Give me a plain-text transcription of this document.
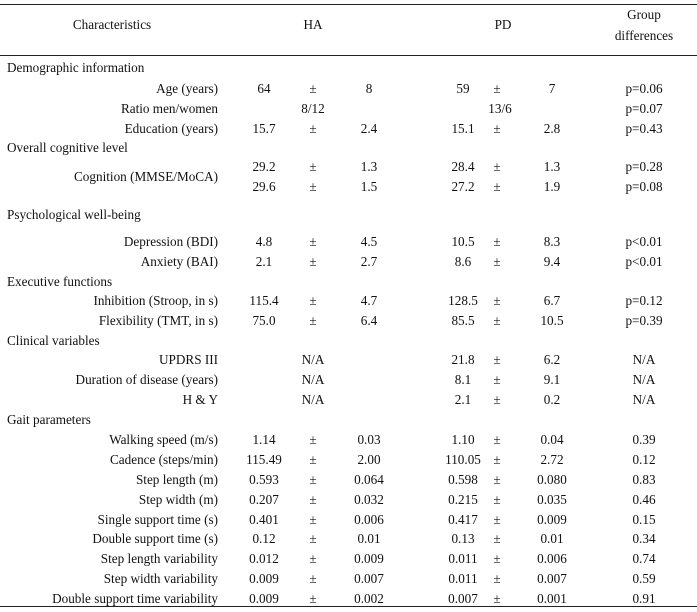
Characteristics	HA	PD
Group
differences
Demographic information
Age (years)	64	±	8	59 ±	7	p=0.06
Ratio men/women	8/12	13/6	p=0.07
Education (years)	15.7	±	2.4	15.1 ±	2.8	p=0.43
Overall cognitive level
Cognition (MMSE/MoCA)
29.2	±	1.3	28.4 ±	1.3	p=0.28
29.6	±	1.5	27.2 ±	1.9	p=0.08
Psychological well-being
Depression (BDI)	4.8	±	4.5	10.5 ±	8.3	p<0.01
Anxiety (BAI)	2.1	±	2.7	8.6 ±	9.4	p<0.01
Executive functions
Inhibition (Stroop, in s) 115.4 ±	4.7	128.5 ±	6.7	p=0.12
Flexibility (TMT, in s)	75.0	±	6.4	85.5 ±	10.5	p=0.39
Clinical variables
UPDRS III	N/A	21.8 ±	6.2	N/A
Duration of disease (years)	N/A	8.1 ±	9.1	N/A
H & Y	N/A	2.1 ±	0.2	N/A
Gait parameters
Walking speed (m/s)	1.14	±	0.03	1.10 ±	0.04	0.39
Cadence (steps/min) 115.49 ±	2.00	110.05 ±	2.72	0.12
Step length (m) 0.593 ±	0.064	0.598 ±	0.080	0.83
Step width (m) 0.207 ±	0.032	0.215 ±	0.035	0.46
Single support time (s) 0.401 ±	0.006	0.417 ±	0.009	0.15
Double support time (s)	0.12	±	0.01	0.13 ±	0.01	0.34
Step length variability 0.012 ±	0.009	0.011 ±	0.006	0.74
Step width variability 0.009 ±	0.007	0.011 ±	0.007	0.59
Double support time variability 0.009 ±	0.002	0.007 ±	0.001	0.91
